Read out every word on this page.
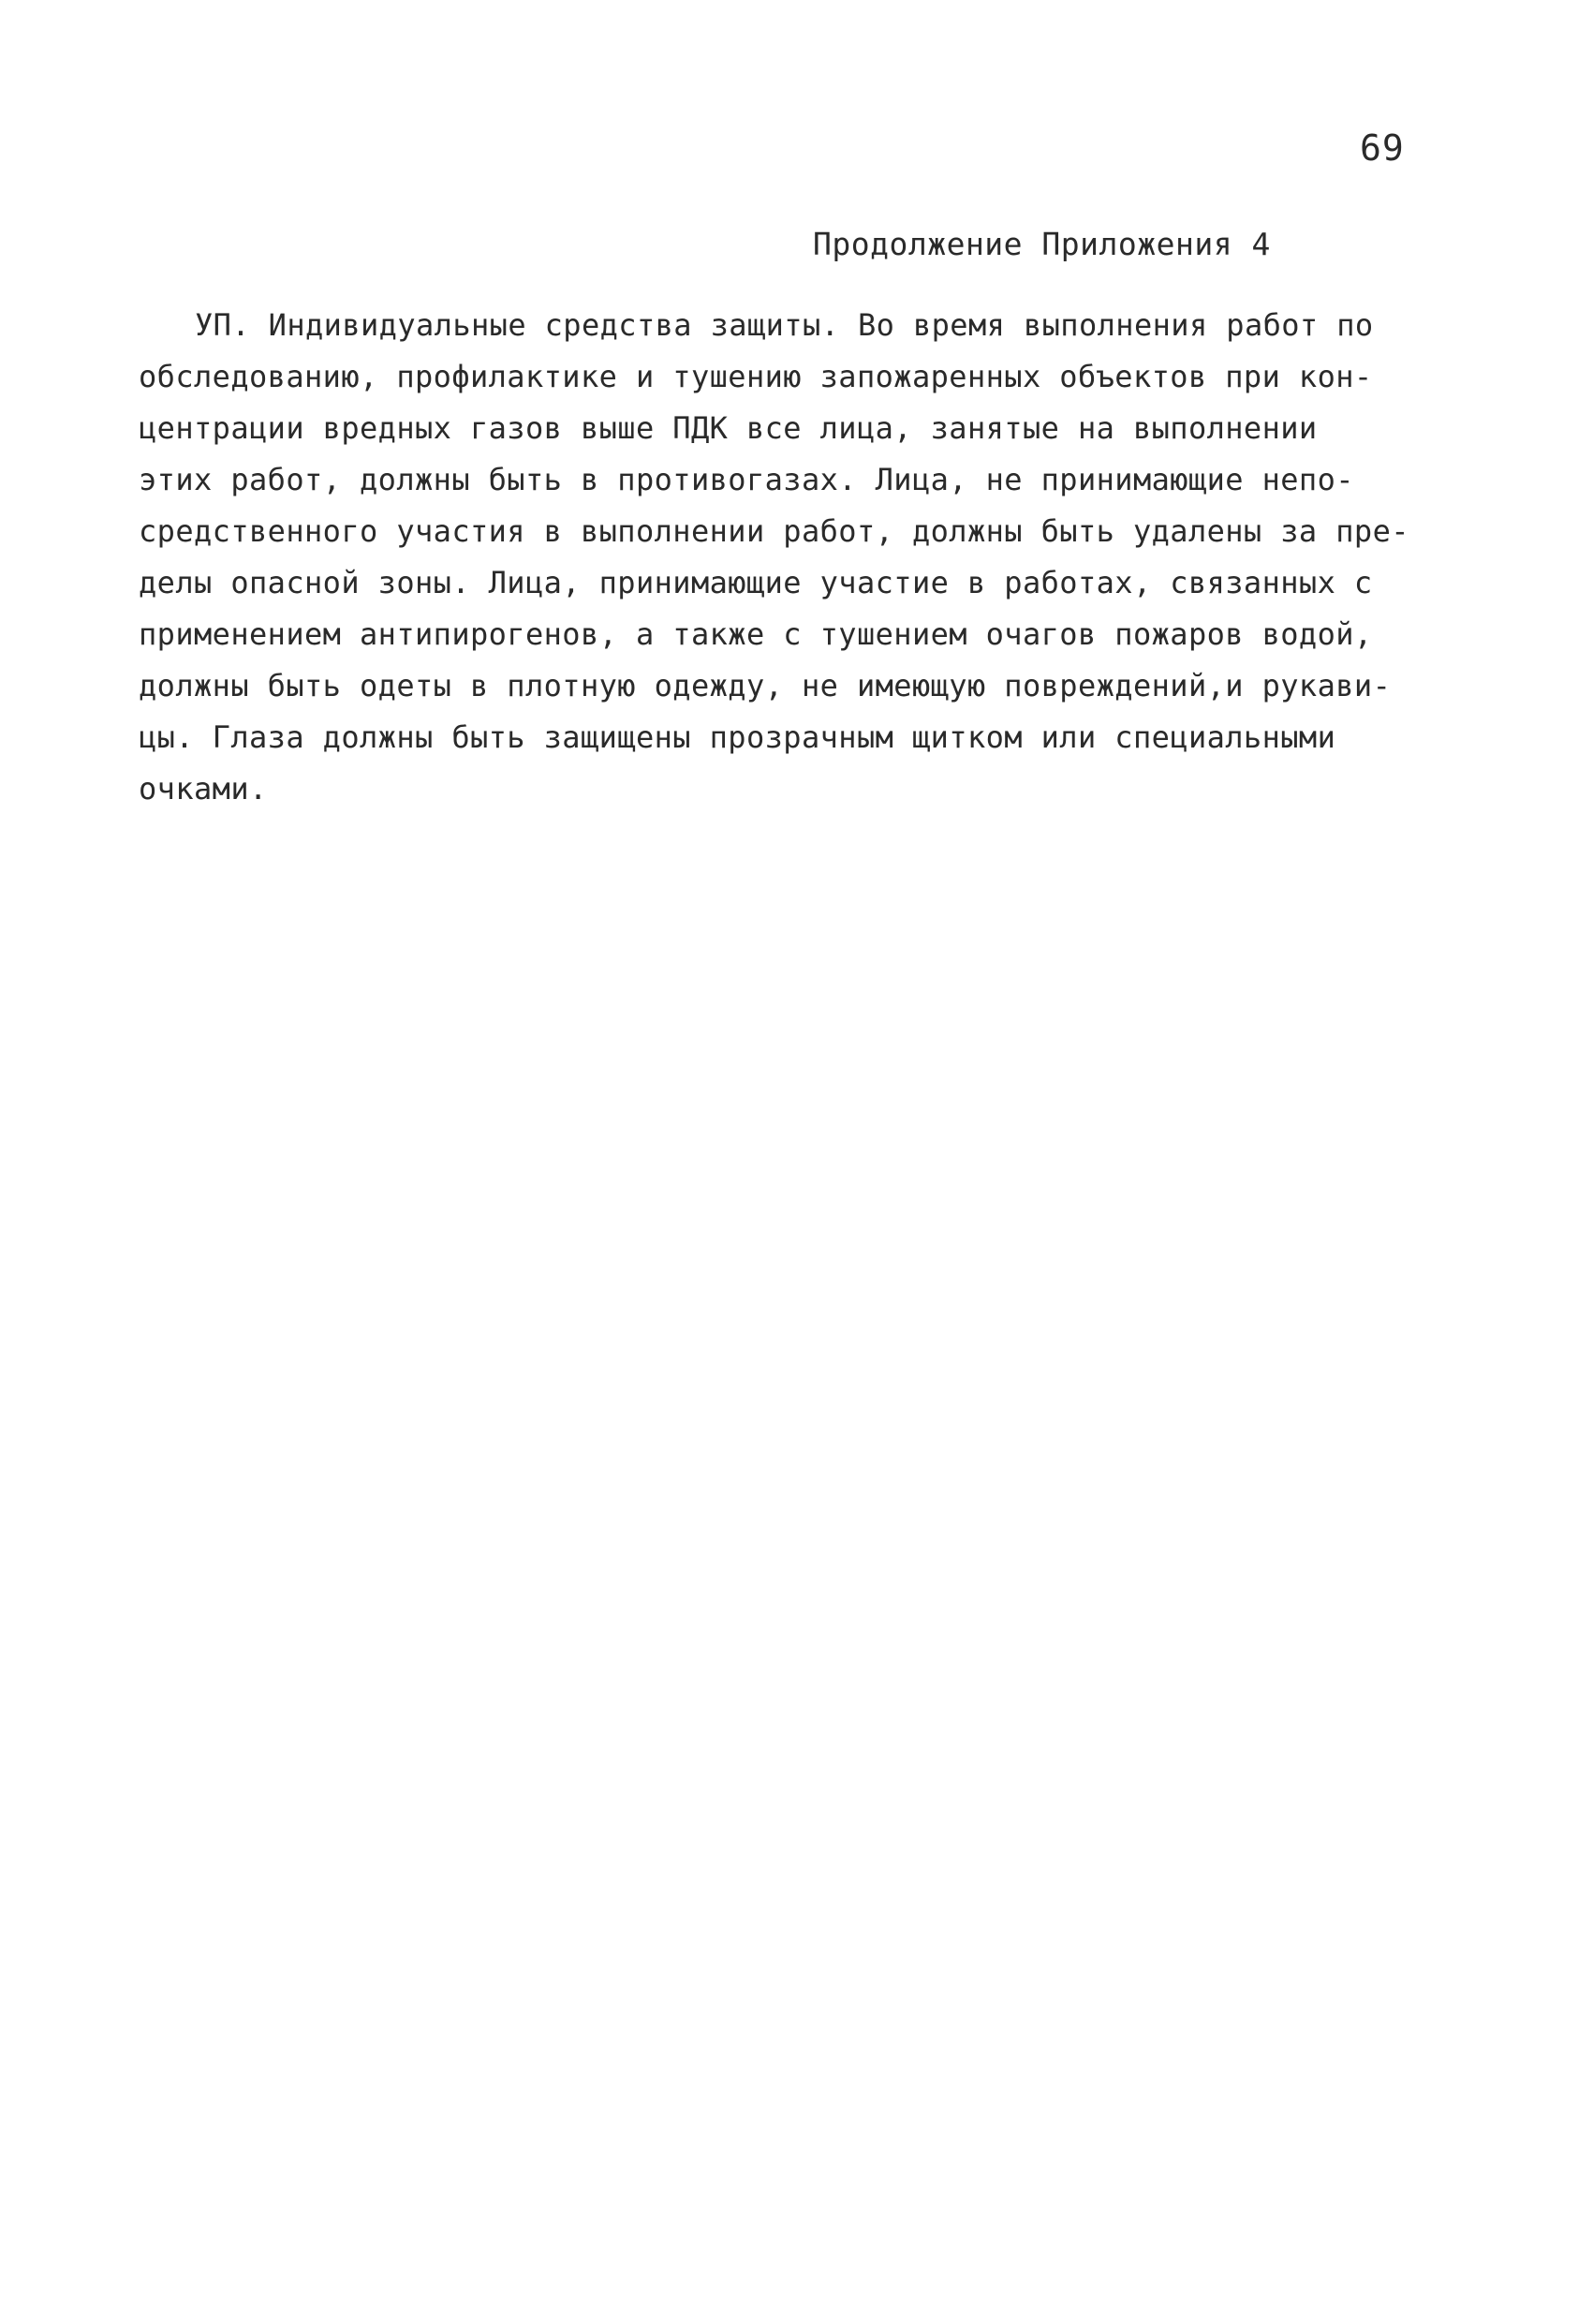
69
Продолжение Приложения 4
УП. Индивидуальные средства защиты. Во время выполнения работ по
обследованию, профилактике и тушению запожаренных объектов при кон-
центрации вредных газов выше ПДК все лица, занятые на выполнении
этих работ, должны быть в противогазах. Лица, не принимающие непо-
средственного участия в выполнении работ, должны быть удалены за пре-
делы опасной зоны. Лица, принимающие участие в работах, связанных с
применением антипирогенов, а также с тушением очагов пожаров водой,
должны быть одеты в плотную одежду, не имеющую повреждений,и рукави-
цы. Глаза должны быть защищены прозрачным щитком или специальными
очками.
